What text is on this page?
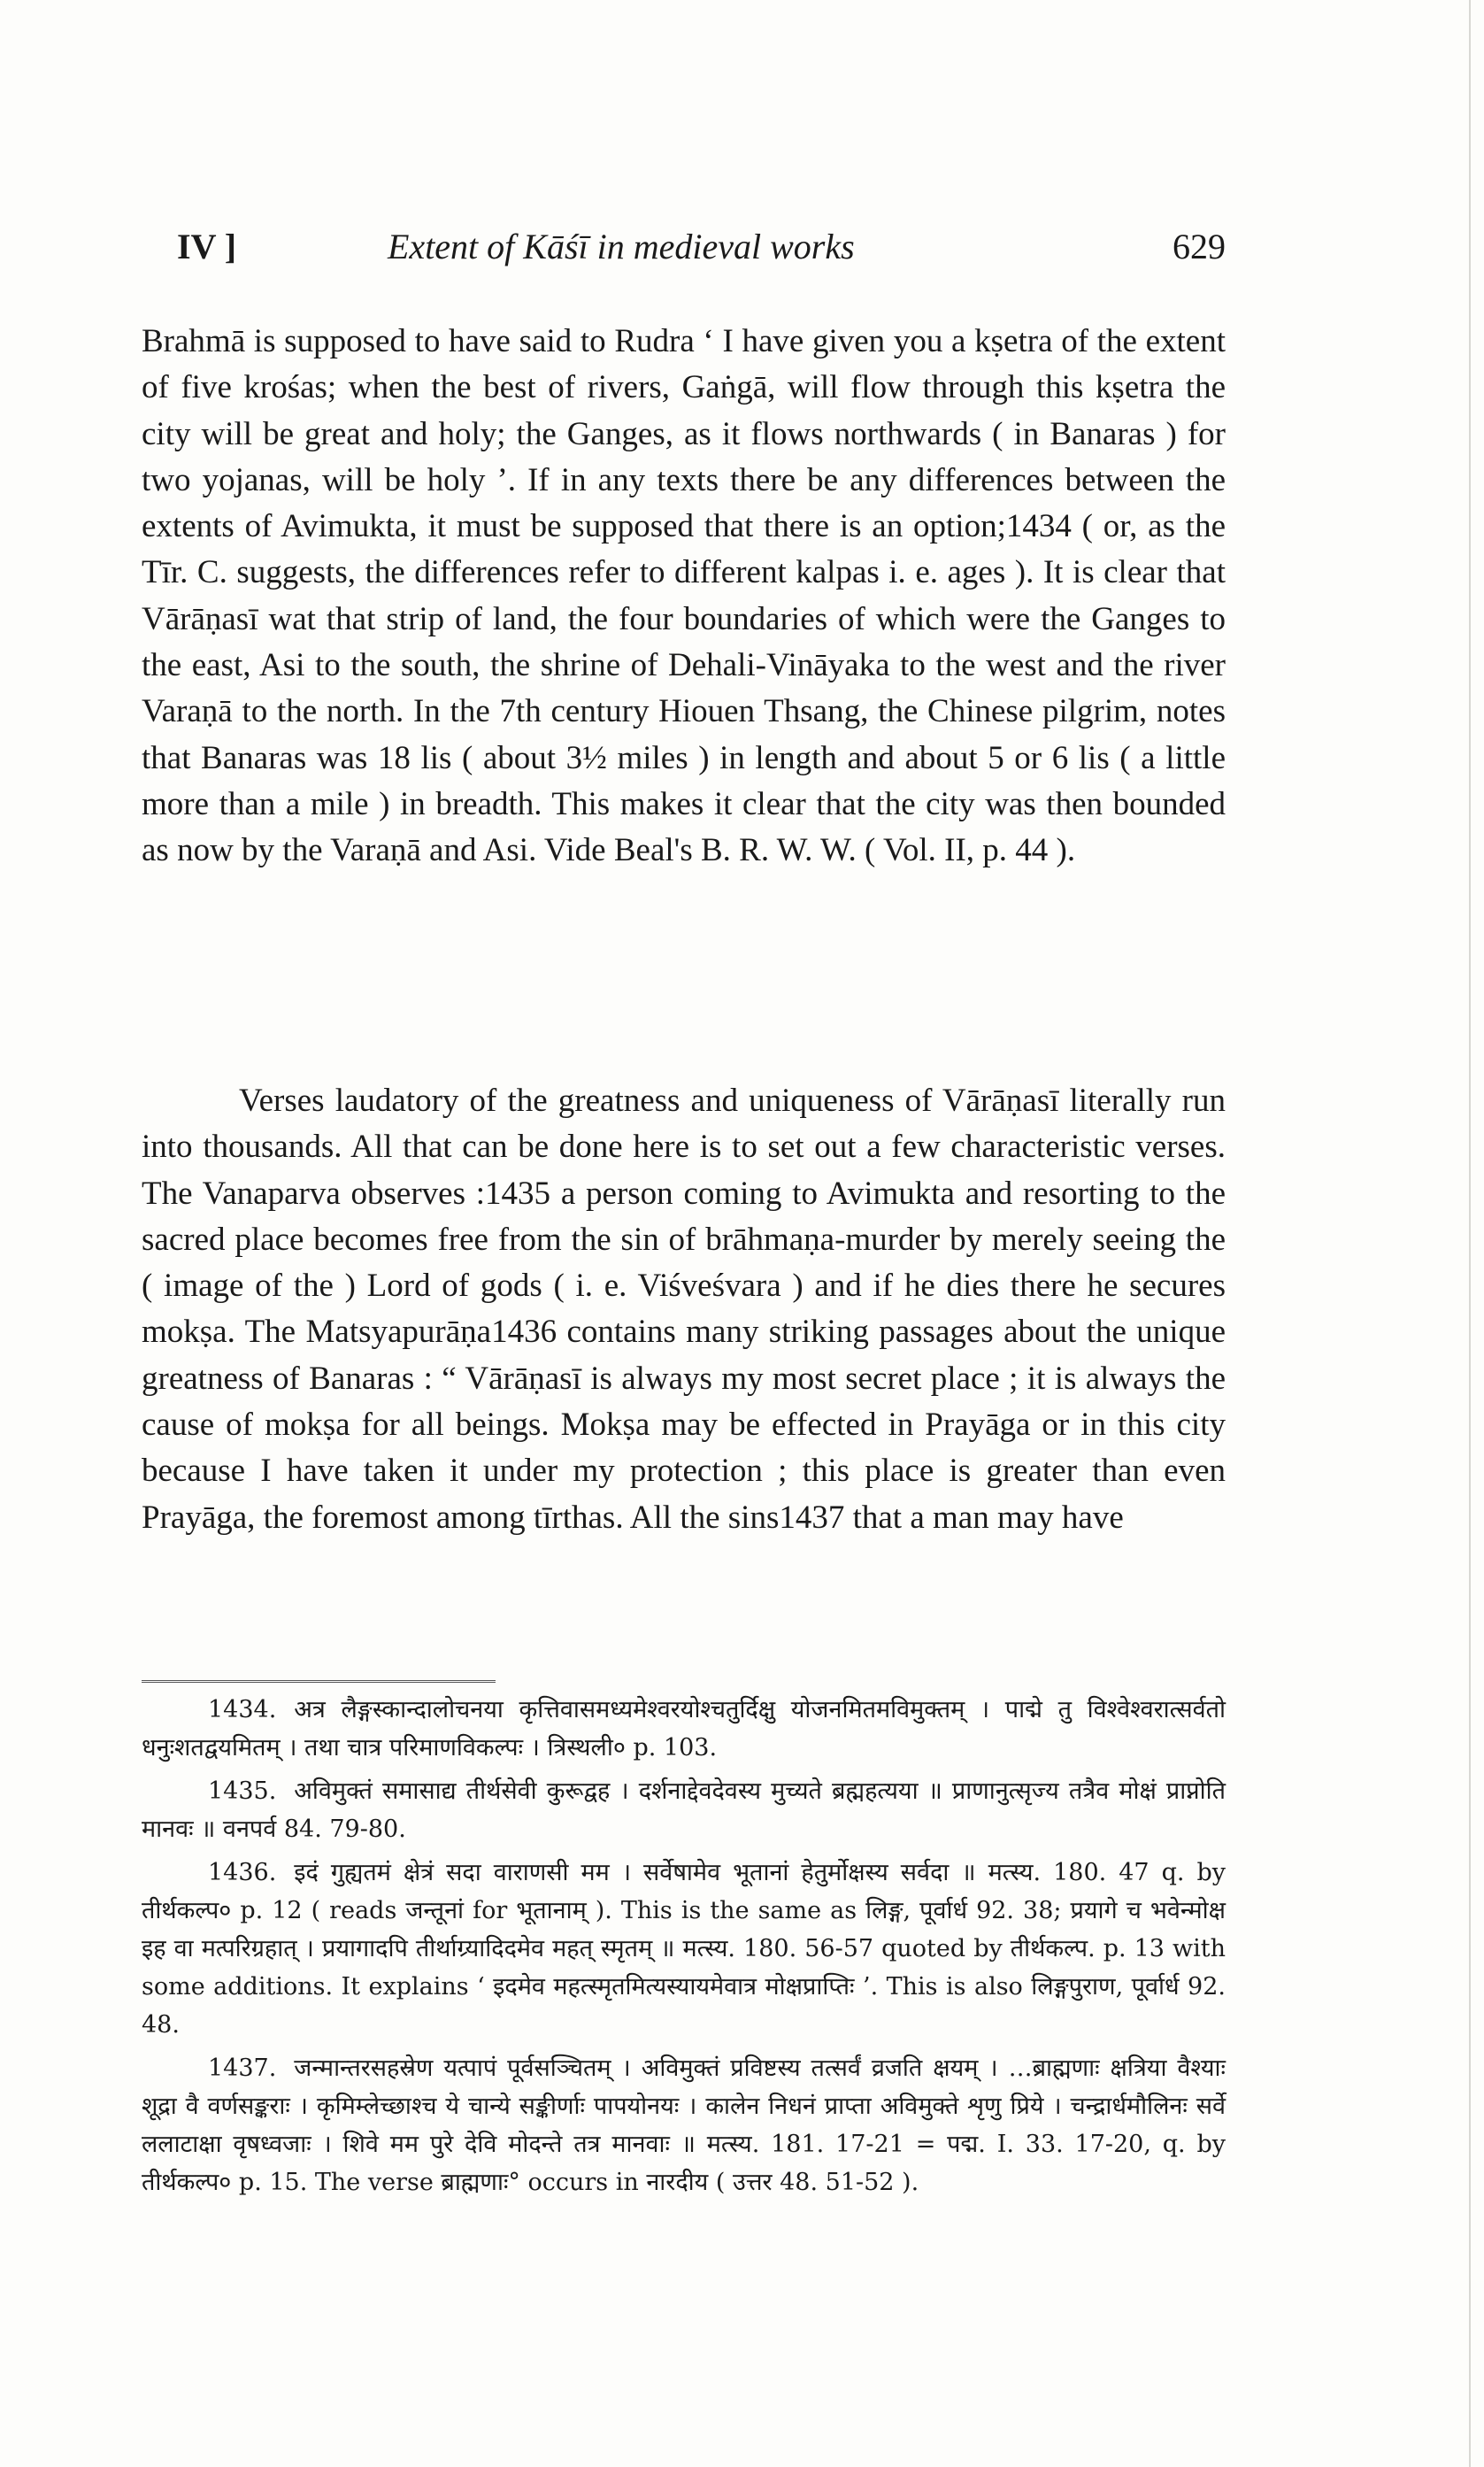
IV ]	Extent of Kāśī in medieval works	629

Brahmā is supposed to have said to Rudra ‘ I have given you a kṣetra of the extent of five krośas; when the best of rivers, Gaṅgā, will flow through this kṣetra the city will be great and holy; the Ganges, as it flows northwards ( in Banaras ) for two yojanas, will be holy ’. If in any texts there be any differences between the extents of Avimukta, it must be supposed that there is an option;1434 ( or, as the Tīr. C. suggests, the differences refer to different kalpas i. e. ages ). It is clear that Vārāṇasī wat that strip of land, the four boundaries of which were the Ganges to the east, Asi to the south, the shrine of Dehali-Vināyaka to the west and the river Varaṇā to the north. In the 7th century Hiouen Thsang, the Chinese pilgrim, notes that Banaras was 18 lis ( about 3½ miles ) in length and about 5 or 6 lis ( a little more than a mile ) in breadth. This makes it clear that the city was then bounded as now by the Varaṇā and Asi. Vide Beal's B. R. W. W. ( Vol. II, p. 44 ).

Verses laudatory of the greatness and uniqueness of Vārāṇasī literally run into thousands. All that can be done here is to set out a few characteristic verses. The Vanaparva observes :1435 a person coming to Avimukta and resorting to the sacred place becomes free from the sin of brāhmaṇa-murder by merely seeing the ( image of the ) Lord of gods ( i. e. Viśveśvara ) and if he dies there he secures mokṣa. The Matsyapurāṇa1436 contains many striking passages about the unique greatness of Banaras : “ Vārāṇasī is always my most secret place ; it is always the cause of mokṣa for all beings. Mokṣa may be effected in Prayāga or in this city because I have taken it under my protection ; this place is greater than even Prayāga, the foremost among tīrthas. All the sins1437 that a man may have

1434. अत्र लैङ्गस्कान्दालोचनया कृत्तिवासमध्यमेश्वरयोश्चतुर्दिक्षु योजनमितमविमुक्तम् । पाद्मे तु विश्वेश्वरात्सर्वतो धनुःशतद्वयमितम् । तथा चात्र परिमाणविकल्पः । त्रिस्थली० p. 103.

1435. अविमुक्तं समासाद्य तीर्थसेवी कुरूद्वह । दर्शनाद्देवदेवस्य मुच्यते ब्रह्महत्यया ॥ प्राणानुत्सृज्य तत्रैव मोक्षं प्राप्नोति मानवः ॥ वनपर्व 84. 79-80.

1436. इदं गुह्यतमं क्षेत्रं सदा वाराणसी मम । सर्वेषामेव भूतानां हेतुर्मोक्षस्य सर्वदा ॥ मत्स्य. 180. 47 q. by तीर्थकल्प० p. 12 ( reads जन्तूनां for भूतानाम् ). This is the same as लिङ्ग, पूर्वार्ध 92. 38; प्रयागे च भवेन्मोक्ष इह वा मत्परिग्रहात् । प्रयागादपि तीर्थाग्र्यादिदमेव महत् स्मृतम् ॥ मत्स्य. 180. 56-57 quoted by तीर्थकल्प. p. 13 with some additions. It explains ‘ इदमेव महत्स्मृतमित्यस्यायमेवात्र मोक्षप्राप्तिः ’. This is also लिङ्गपुराण, पूर्वार्ध 92. 48.

1437. जन्मान्तरसहस्रेण यत्पापं पूर्वसञ्चितम् । अविमुक्तं प्रविष्टस्य तत्सर्वं व्रजति क्षयम् । …ब्राह्मणाः क्षत्रिया वैश्याः शूद्रा वै वर्णसङ्कराः । कृमिम्लेच्छाश्च ये चान्ये सङ्कीर्णाः पापयोनयः । कालेन निधनं प्राप्ता अविमुक्ते शृणु प्रिये । चन्द्रार्धमौलिनः सर्वे ललाटाक्षा वृषध्वजाः । शिवे मम पुरे देवि मोदन्ते तत्र मानवाः ॥ मत्स्य. 181. 17-21 = पद्म. I. 33. 17-20, q. by तीर्थकल्प० p. 15. The verse ब्राह्मणाः° occurs in नारदीय ( उत्तर 48. 51-52 ).
